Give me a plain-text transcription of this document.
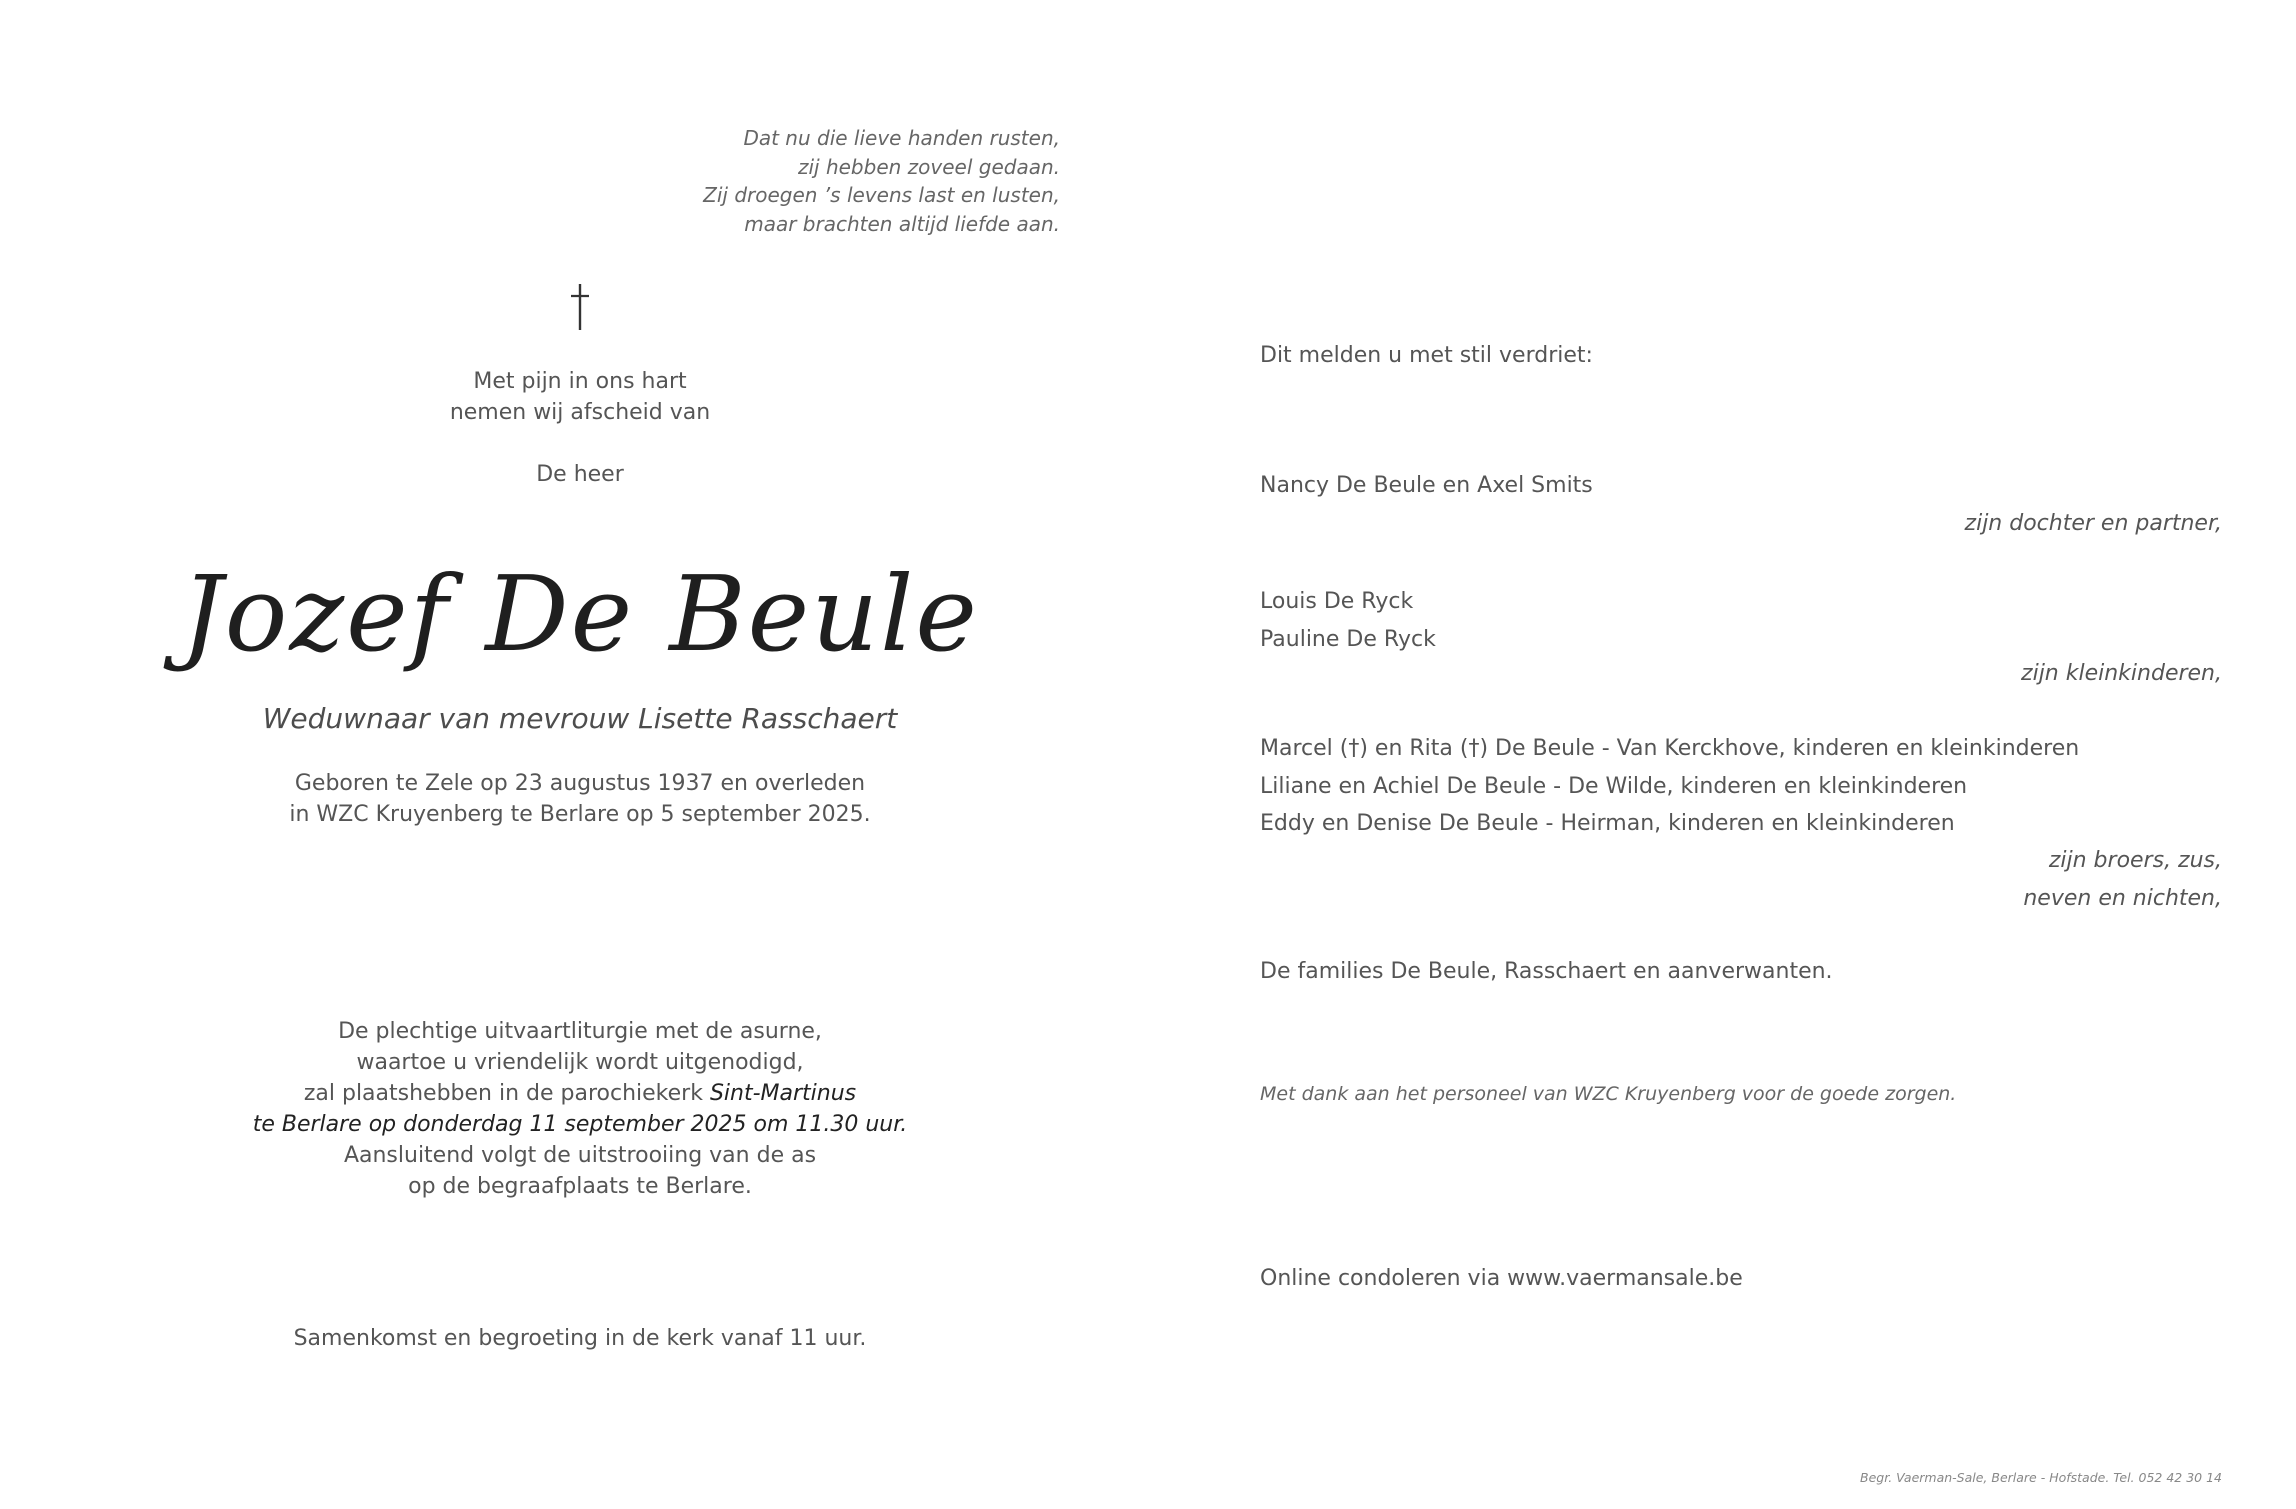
Dat nu die lieve handen rusten,
zij hebben zoveel gedaan.
Zij droegen ’s levens last en lusten,
maar brachten altijd liefde aan.
Met pijn in ons hart
nemen wij afscheid van
De heer
Jozef De Beule
Weduwnaar van mevrouw Lisette Rasschaert
Geboren te Zele op 23 augustus 1937 en overleden
in WZC Kruyenberg te Berlare op 5 september 2025.
De plechtige uitvaartliturgie met de asurne,
waartoe u vriendelijk wordt uitgenodigd,
zal plaatshebben in de parochiekerk Sint-Martinus
te Berlare op donderdag 11 september 2025 om 11.30 uur.
Aansluitend volgt de uitstrooiing van de as
op de begraafplaats te Berlare.
Samenkomst en begroeting in de kerk vanaf 11 uur.
Dit melden u met stil verdriet:
Nancy De Beule en Axel Smits
zijn dochter en partner,
Louis De Ryck
Pauline De Ryck
zijn kleinkinderen,
Marcel (†) en Rita (†) De Beule - Van Kerckhove, kinderen en kleinkinderen
Liliane en Achiel De Beule - De Wilde, kinderen en kleinkinderen
Eddy en Denise De Beule - Heirman, kinderen en kleinkinderen
zijn broers, zus,
neven en nichten,
De families De Beule, Rasschaert en aanverwanten.
Met dank aan het personeel van WZC Kruyenberg voor de goede zorgen.
Online condoleren via www.vaermansale.be
Begr. Vaerman-Sale, Berlare - Hofstade. Tel. 052 42 30 14
